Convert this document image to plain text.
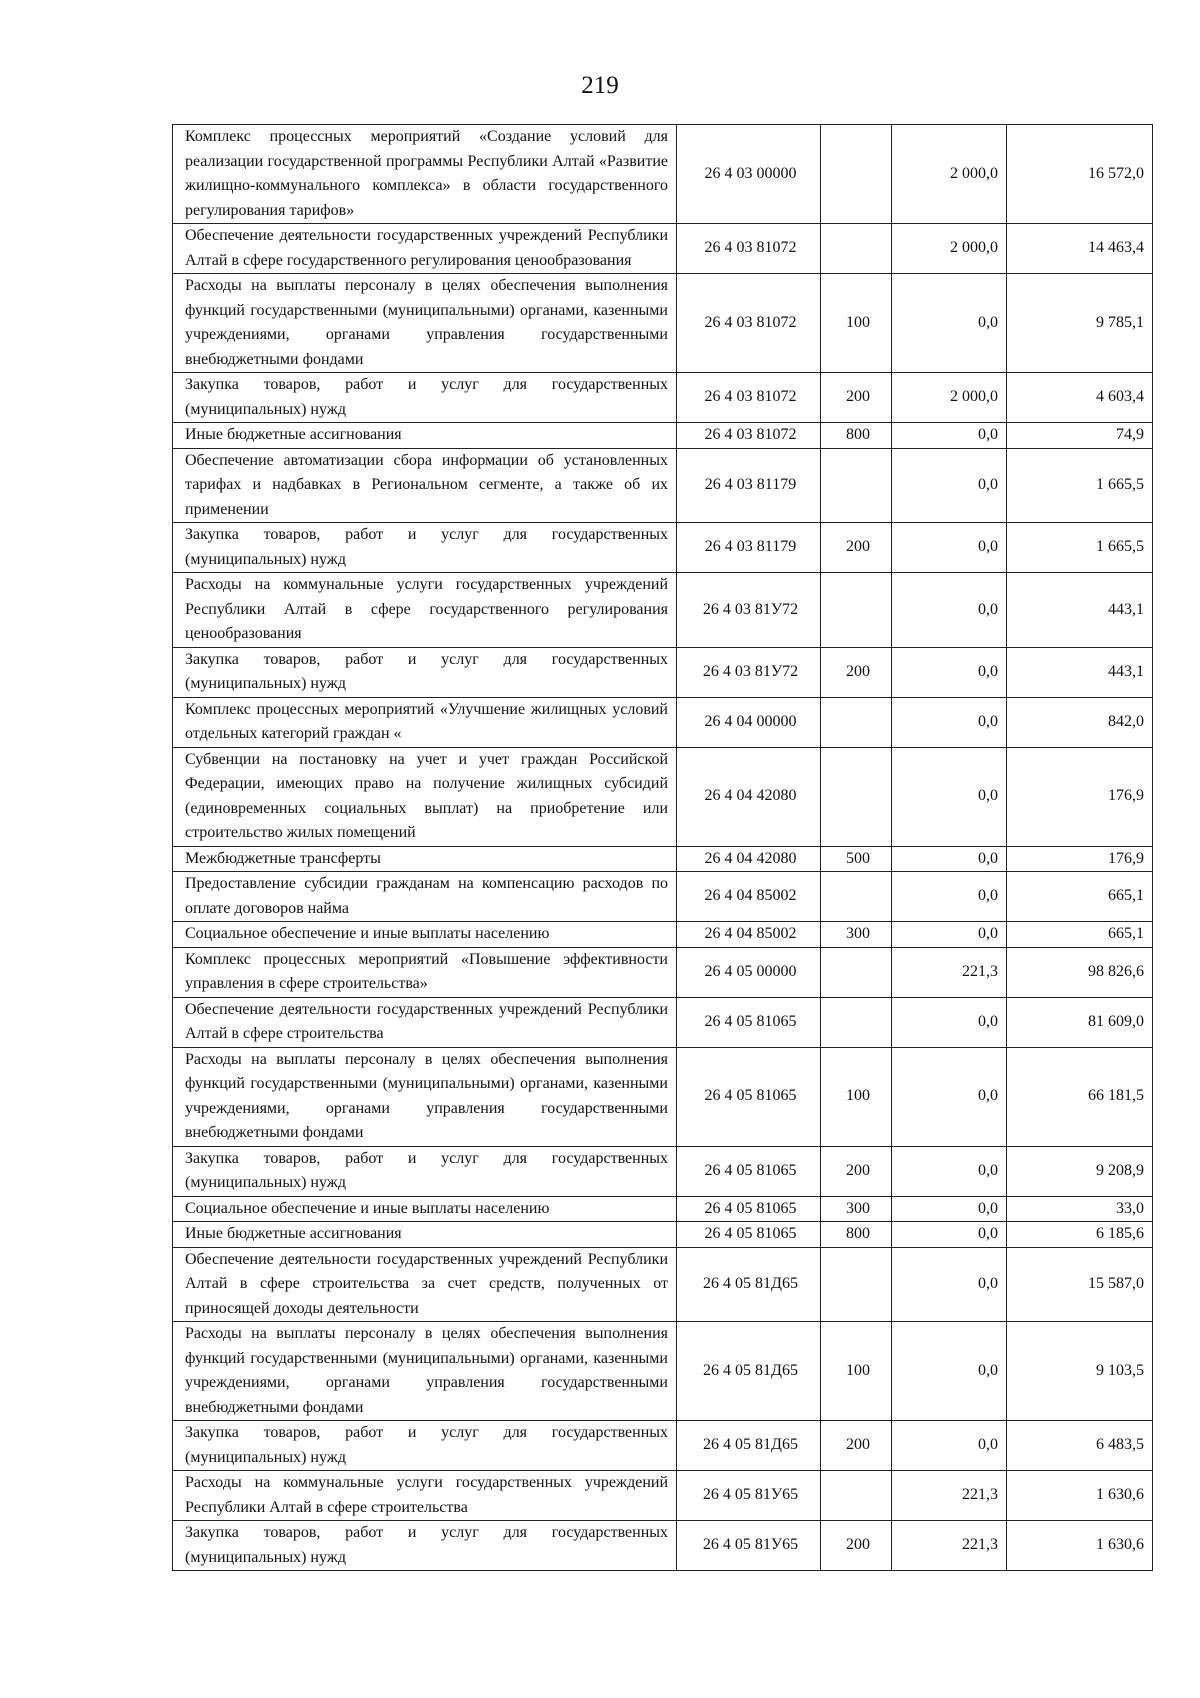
219
Комплекс процессных мероприятий «Создание условий для реализации государственной программы Республики Алтай «Развитие жилищно-коммунального комплекса» в области государственного регулирования тарифов»	26 4 03 00000		2 000,0	16 572,0
Обеспечение деятельности государственных учреждений Республики Алтай в сфере государственного регулирования ценообразования	26 4 03 81072		2 000,0	14 463,4
Расходы на выплаты персоналу в целях обеспечения выполнения функций государственными (муниципальными) органами, казенными учреждениями, органами управления государственными внебюджетными фондами	26 4 03 81072	100	0,0	9 785,1
Закупка товаров, работ и услуг для государственных (муниципальных) нужд	26 4 03 81072	200	2 000,0	4 603,4
Иные бюджетные ассигнования	26 4 03 81072	800	0,0	74,9
Обеспечение автоматизации сбора информации об установленных тарифах и надбавках в Региональном сегменте, а также об их применении	26 4 03 81179		0,0	1 665,5
Закупка товаров, работ и услуг для государственных (муниципальных) нужд	26 4 03 81179	200	0,0	1 665,5
Расходы на коммунальные услуги государственных учреждений Республики Алтай в сфере государственного регулирования ценообразования	26 4 03 81У72		0,0	443,1
Закупка товаров, работ и услуг для государственных (муниципальных) нужд	26 4 03 81У72	200	0,0	443,1
Комплекс процессных мероприятий «Улучшение жилищных условий отдельных категорий граждан «	26 4 04 00000		0,0	842,0
Субвенции на постановку на учет и учет граждан Российской Федерации, имеющих право на получение жилищных субсидий (единовременных социальных выплат) на приобретение или строительство жилых помещений	26 4 04 42080		0,0	176,9
Межбюджетные трансферты	26 4 04 42080	500	0,0	176,9
Предоставление субсидии гражданам на компенсацию расходов по оплате договоров найма	26 4 04 85002		0,0	665,1
Социальное обеспечение и иные выплаты населению	26 4 04 85002	300	0,0	665,1
Комплекс процессных мероприятий «Повышение эффективности управления в сфере строительства»	26 4 05 00000		221,3	98 826,6
Обеспечение деятельности государственных учреждений Республики Алтай в сфере строительства	26 4 05 81065		0,0	81 609,0
Расходы на выплаты персоналу в целях обеспечения выполнения функций государственными (муниципальными) органами, казенными учреждениями, органами управления государственными внебюджетными фондами	26 4 05 81065	100	0,0	66 181,5
Закупка товаров, работ и услуг для государственных (муниципальных) нужд	26 4 05 81065	200	0,0	9 208,9
Социальное обеспечение и иные выплаты населению	26 4 05 81065	300	0,0	33,0
Иные бюджетные ассигнования	26 4 05 81065	800	0,0	6 185,6
Обеспечение деятельности государственных учреждений Республики Алтай в сфере строительства за счет средств, полученных от приносящей доходы деятельности	26 4 05 81Д65		0,0	15 587,0
Расходы на выплаты персоналу в целях обеспечения выполнения функций государственными (муниципальными) органами, казенными учреждениями, органами управления государственными внебюджетными фондами	26 4 05 81Д65	100	0,0	9 103,5
Закупка товаров, работ и услуг для государственных (муниципальных) нужд	26 4 05 81Д65	200	0,0	6 483,5
Расходы на коммунальные услуги государственных учреждений Республики Алтай в сфере строительства	26 4 05 81У65		221,3	1 630,6
Закупка товаров, работ и услуг для государственных (муниципальных) нужд	26 4 05 81У65	200	221,3	1 630,6
